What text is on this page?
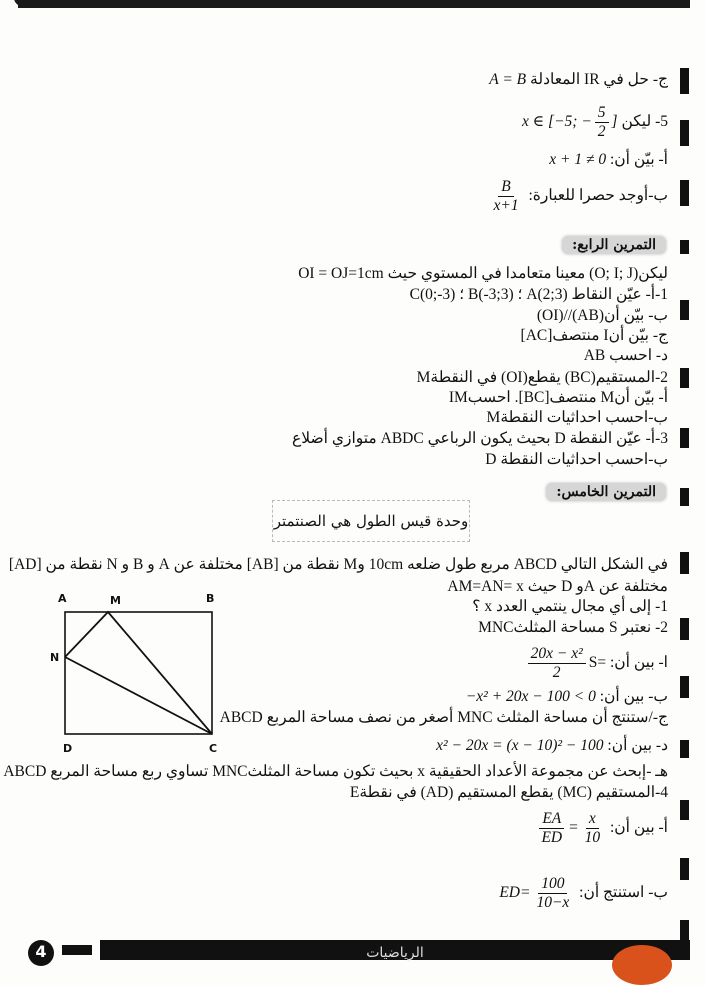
ج- حل في IR المعادلة A = B
5- ليكن x ∈ [−5; − $\frac{5}{2}$ ]
أ- بيّن أن: x + 1 ≠ 0
ب-أوجد حصرا للعبارة:
$\frac{B}{x+1}$
التمرين الرابع:
ليكن(O; I; J) معينا متعامدا في المستوي حيث OI = OJ=1cm
1-أ- عيّن النقاط A(2;3) ؛ B(-3;3) ؛ C(0;-3)
ب- بيّن أن(AB)//(OI)
ج- بيّن أنI منتصف[AC]
د- احسب AB
2-المستقيم(BC) يقطع(OI) في النقطةM
أ- بيّن أنM منتصف[BC]. احسبIM
ب-احسب احداثيات النقطةM
3-أ- عيّن النقطة D بحيث يكون الرباعي ABDC متوازي أضلاع
ب-احسب احداثيات النقطة D
التمرين الخامس:
وحدة قيس الطول هي الصنتمتر
في الشكل التالي ABCD مربع طول ضلعه 10cm وM نقطة من [AB] مختلفة عن A و B و N نقطة من [AD]
مختلفة عن Aو D حيث AM=AN= x
1- إلى أي مجال ينتمي العدد x ؟
2- نعتبر S مساحة المثلثMNC
ا- بين أن: S=
$\frac{\text{20x − x²}}{2}$
ب- بين أن: −x² + 20x − 100 < 0
ج-/ستنتج أن مساحة المثلث MNC أصغر من نصف مساحة المربع ABCD
د- بين أن: x² − 20x = (x − 10)² − 100
هـ -إبحث عن مجموعة الأعداد الحقيقية x بحيث تكون مساحة المثلثMNC تساوي ربع مساحة المربع ABCD
4-المستقيم (MC) يقطع المستقيم (AD) في نقطةE
أ- بين أن:
$\frac{EA}{ED} = \frac{x}{10}$
ب- استنتج أن: $ED= \frac{100}{10-x}$
A	M	B
N
D	C
4	الرياضيات
